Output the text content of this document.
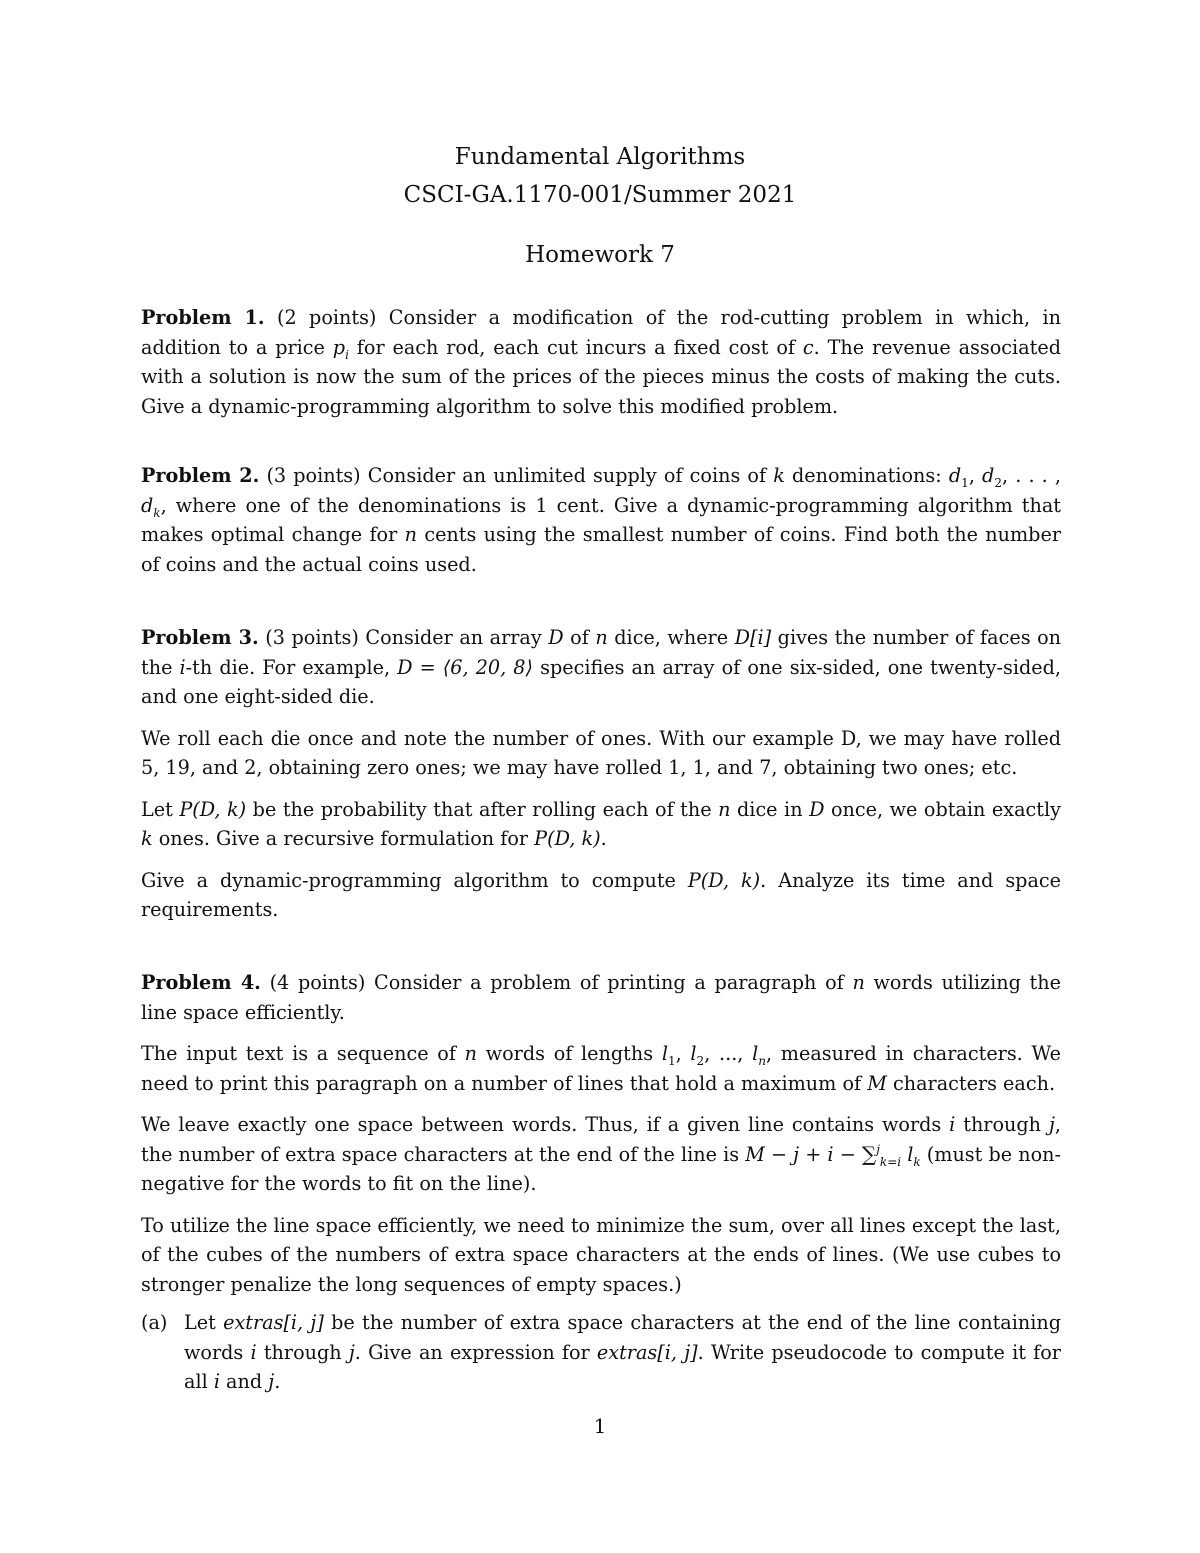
Fundamental Algorithms
CSCI-GA.1170-001/Summer 2021
Homework 7

Problem 1. (2 points) Consider a modification of the rod-cutting problem in which, in addition to a price $p_i$ for each rod, each cut incurs a fixed cost of c. The revenue associated with a solution is now the sum of the prices of the pieces minus the costs of making the cuts. Give a dynamic-programming algorithm to solve this modified problem.

Problem 2. (3 points) Consider an unlimited supply of coins of k denominations: $d_1$, $d_2$, . . . , $d_k$, where one of the denominations is 1 cent. Give a dynamic-programming algorithm that makes optimal change for n cents using the smallest number of coins. Find both the number of coins and the actual coins used.

Problem 3. (3 points) Consider an array D of n dice, where D[i] gives the number of faces on the i-th die. For example, D = ⟨6, 20, 8⟩ specifies an array of one six-sided, one twenty-sided, and one eight-sided die.

We roll each die once and note the number of ones. With our example D, we may have rolled 5, 19, and 2, obtaining zero ones; we may have rolled 1, 1, and 7, obtaining two ones; etc.

Let P(D, k) be the probability that after rolling each of the n dice in D once, we obtain exactly k ones. Give a recursive formulation for P(D, k).

Give a dynamic-programming algorithm to compute P(D, k). Analyze its time and space requirements.

Problem 4. (4 points) Consider a problem of printing a paragraph of n words utilizing the line space efficiently.

The input text is a sequence of n words of lengths $l_1$, $l_2$, ..., $l_n$, measured in characters. We need to print this paragraph on a number of lines that hold a maximum of M characters each.

We leave exactly one space between words. Thus, if a given line contains words i through j, the number of extra space characters at the end of the line is M − j + i − ∑$^j_{k=i}$ $l_k$ (must be non-negative for the words to fit on the line).

To utilize the line space efficiently, we need to minimize the sum, over all lines except the last, of the cubes of the numbers of extra space characters at the ends of lines. (We use cubes to stronger penalize the long sequences of empty spaces.)

(a) Let extras[i, j] be the number of extra space characters at the end of the line containing words i through j. Give an expression for extras[i, j]. Write pseudocode to compute it for all i and j.
1
